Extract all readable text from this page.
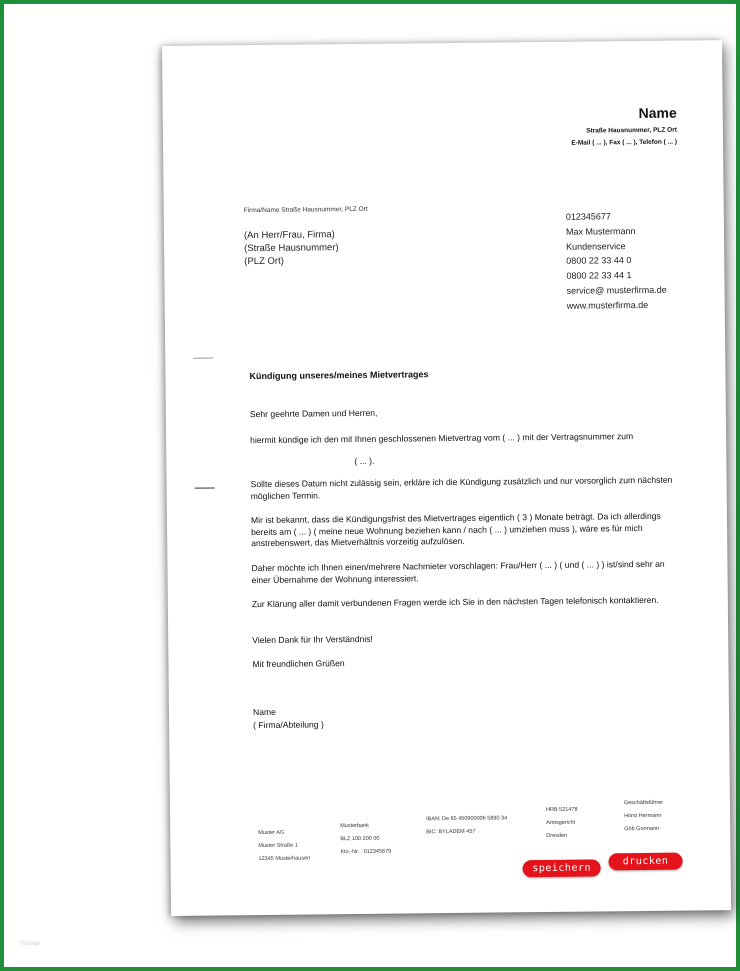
Name
Straße Hausnummer, PLZ Ort
E-Mail ( ... ), Fax ( ... ), Telefon ( ... )
Firma/Name Straße Hausnummer, PLZ Ort
(An Herr/Frau, Firma)
(Straße Hausnummer)
(PLZ Ort)
012345677
Max Mustermann
Kundenservice
0800 22 33 44 0
0800 22 33 44 1
service@ musterfirma.de
www.musterfirma.de
Kündigung unseres/meines Mietvertrages
Sehr geehrte Damen und Herren,
hiermit kündige ich den mit Ihnen geschlossenen Mietvertrag vom ( ... ) mit der Vertragsnummer zum
( ... ).
Sollte dieses Datum nicht zulässig sein, erkläre ich die Kündigung zusätzlich und nur vorsorglich zum nächsten möglichen Termin.
Mir ist bekannt, dass die Kündigungsfrist des Mietvertrages eigentlich ( 3 ) Monate beträgt. Da ich allerdings bereits am ( ... ) ( meine neue Wohnung beziehen kann / nach ( ... ) umziehen muss ), wäre es für mich anstrebenswert, das Mietverhältnis vorzeitig aufzulösen.
Daher möchte ich Ihnen einen/mehrere Nachmieter vorschlagen: Frau/Herr ( ... ) ( und ( ... ) ) ist/sind sehr an einer Übernahme der Wohnung interessiert.
Zur Klärung aller damit verbundenen Fragen werde ich Sie in den nächsten Tagen telefonisch kontaktieren.
Vielen Dank für Ihr Verständnis!
Mit freundlichen Grüßen
Name
( Firma/Abteilung )
Muster AG
Muster Straße 1
12345 Musterhausen
Musterbank
BLZ 100 200 00
Kto.-Nr. : 012345679
IBAN: De 65 450900006 5890 34
BIC: BYLADEM 457
HRB 521478
Amtsgericht
Dresden
Geschäftsführer
Horst Hermann
Göb Gormann
speichern
drucken
Vorlage
